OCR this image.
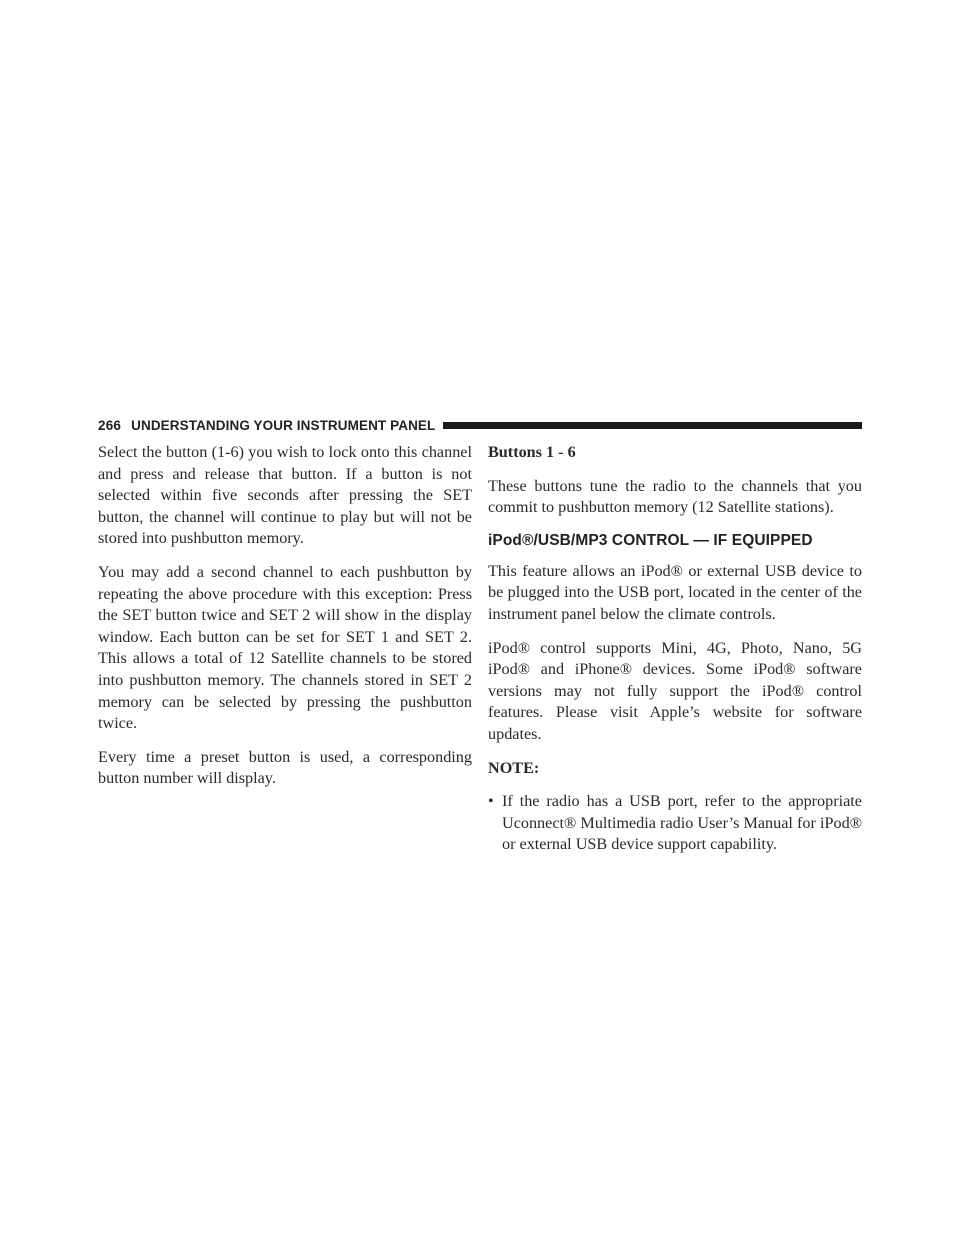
266 UNDERSTANDING YOUR INSTRUMENT PANEL

Select the button (1-6) you wish to lock onto this channel and press and release that button. If a button is not selected within five seconds after pressing the SET button, the channel will continue to play but will not be stored into pushbutton memory.

You may add a second channel to each pushbutton by repeating the above procedure with this exception: Press the SET button twice and SET 2 will show in the display window. Each button can be set for SET 1 and SET 2. This allows a total of 12 Satellite channels to be stored into pushbutton memory. The channels stored in SET 2 memory can be selected by pressing the pushbutton twice.

Every time a preset button is used, a corresponding button number will display.

Buttons 1 - 6

These buttons tune the radio to the channels that you commit to pushbutton memory (12 Satellite stations).

iPod®/USB/MP3 CONTROL — IF EQUIPPED

This feature allows an iPod® or external USB device to be plugged into the USB port, located in the center of the instrument panel below the climate controls.

iPod® control supports Mini, 4G, Photo, Nano, 5G iPod® and iPhone® devices. Some iPod® software versions may not fully support the iPod® control features. Please visit Apple’s website for software updates.

NOTE:

• If the radio has a USB port, refer to the appropriate Uconnect® Multimedia radio User’s Manual for iPod® or external USB device support capability.
